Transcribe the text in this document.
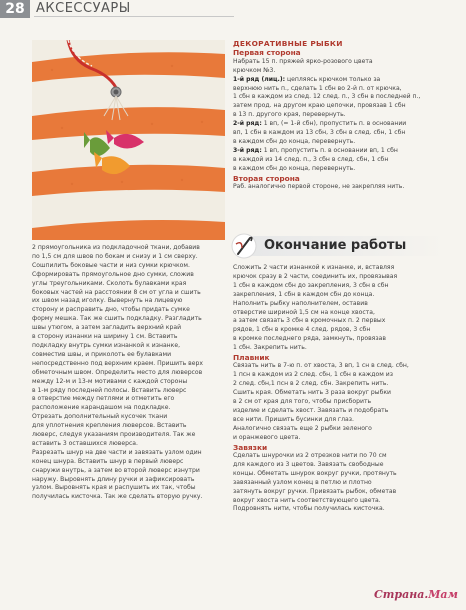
28 АКСЕССУАРЫ

2 прямоугольника из подкладочной ткани, добавив

по 1,5 см для швов по бокам и снизу и 1 см сверху.

Сошпилить боковые части и низ сумки крючком.

Сформировать прямоугольное дно сумки, сложив

углы треугольниками. Сколоть булавками края

боковых частей на расстоянии 8 см от угла и сшить

их швом назад иголку. Вывернуть на лицевую

сторону и расправить дно, чтобы придать сумке

форму мешка. Так же сшить подкладку. Разгладить

швы утюгом, а затем загладить верхний край

в сторону изнанки на ширину 1 см. Вставить

подкладку внутрь сумки изнанкой к изнанке,

совместив швы, и приколоть ее булавками

непосредственно под верхним краем. Пришить верх

обметочным швом. Определить место для люверсов

между 12-м и 13-м мотивами с каждой стороны

в 1-м ряду последней полосы. Вставить люверс

в отверстие между петлями и отметить его

расположение карандашом на подкладке.

Отрезать дополнительный кусочек ткани

для уплотнения крепления люверсов. Вставить

люверс, следуя указаниям производителя. Так же

вставить 3 оставшихся люверса.

Разрезать шнур на две части и завязать узлом один

конец шнура. Вставить шнур в первый люверс

снаружи внутрь, а затем во второй люверс изнутри

наружу. Выровнять длину ручки и зафиксировать

узлом. Выровнять края и распушить их так, чтобы

получилась кисточка. Так же сделать вторую ручку.

ДЕКОРАТИВНЫЕ РЫБКИ

Первая сторона

Набрать 15 п. пряжей ярко-розового цвета

крючком №3.

1-й ряд (лиц.): цепляясь крючком только за

верхнюю нить п., сделать 1 сбн во 2-й п. от крючка,

1 сбн в каждом из след. 12 след. п., 3 сбн в последней п.,

затем прод. на другом краю цепочки, провязав 1 сбн

в 13 п. другого края, перевернуть.

2-й ряд: 1 вп, (= 1-й сбн), пропустить п. в основании

вп, 1 сбн в каждом из 13 сбн, 3 сбн в след. сбн, 1 сбн

в каждом сбн до конца, перевернуть.

3-й ряд: 1 вп, пропустить п. в основании вп, 1 сбн

в каждой из 14 след. п., 3 сбн в след. сбн, 1 сбн

в каждом сбн до конца, перевернуть.

Вторая сторона

Раб. аналогично первой стороне, не закрепляя нить.

Окончание работы

Сложить 2 части изнанкой к изнанке, и, вставляя

крючок сразу в 2 части, соединить их, провязывая

1 сбн в каждом сбн до закрепления, 3 сбн в сбн

закрепления, 1 сбн в каждом сбн до конца.

Наполнить рыбку наполнителем, оставив

отверстие шириной 1,5 см на конце хвоста,

а затем связать 3 сбн в кромочных п. 2 первых

рядов, 1 сбн в кромке 4 след. рядов, 3 сбн

в кромке последнего ряда, замкнуть, провязав

1 сбн. Закрепить нить.

Плавник

Связать нить в 7-ю п. от хвоста, 3 вп, 1 сн в след. сбн,

1 псн в каждом из 2 след. сбн, 1 сбн в каждом из

2 след. сбн,1 псн в 2 след. сбн. Закрепить нить.

Сшить края. Обметать нить 3 раза вокруг рыбки

в 2 см от края для того, чтобы присборить

изделие и сделать хвост. Завязать и подобрать

все нити. Пришить бусинки для глаз.

Аналогично связать еще 2 рыбки зеленого

и оранжевого цвета.

Завязки

Сделать шнурочки из 2 отрезков нити по 70 см

для каждого из 3 цветов. Завязать свободные

концы. Обметать шнурок вокруг ручки, протянуть

завязанный узлом конец в петлю и плотно

затянуть вокруг ручки. Привязать рыбок, обметав

вокруг хвоста нить соответствующего цвета.

Подровнять нити, чтобы получилась кисточка.

Страна.Мам
